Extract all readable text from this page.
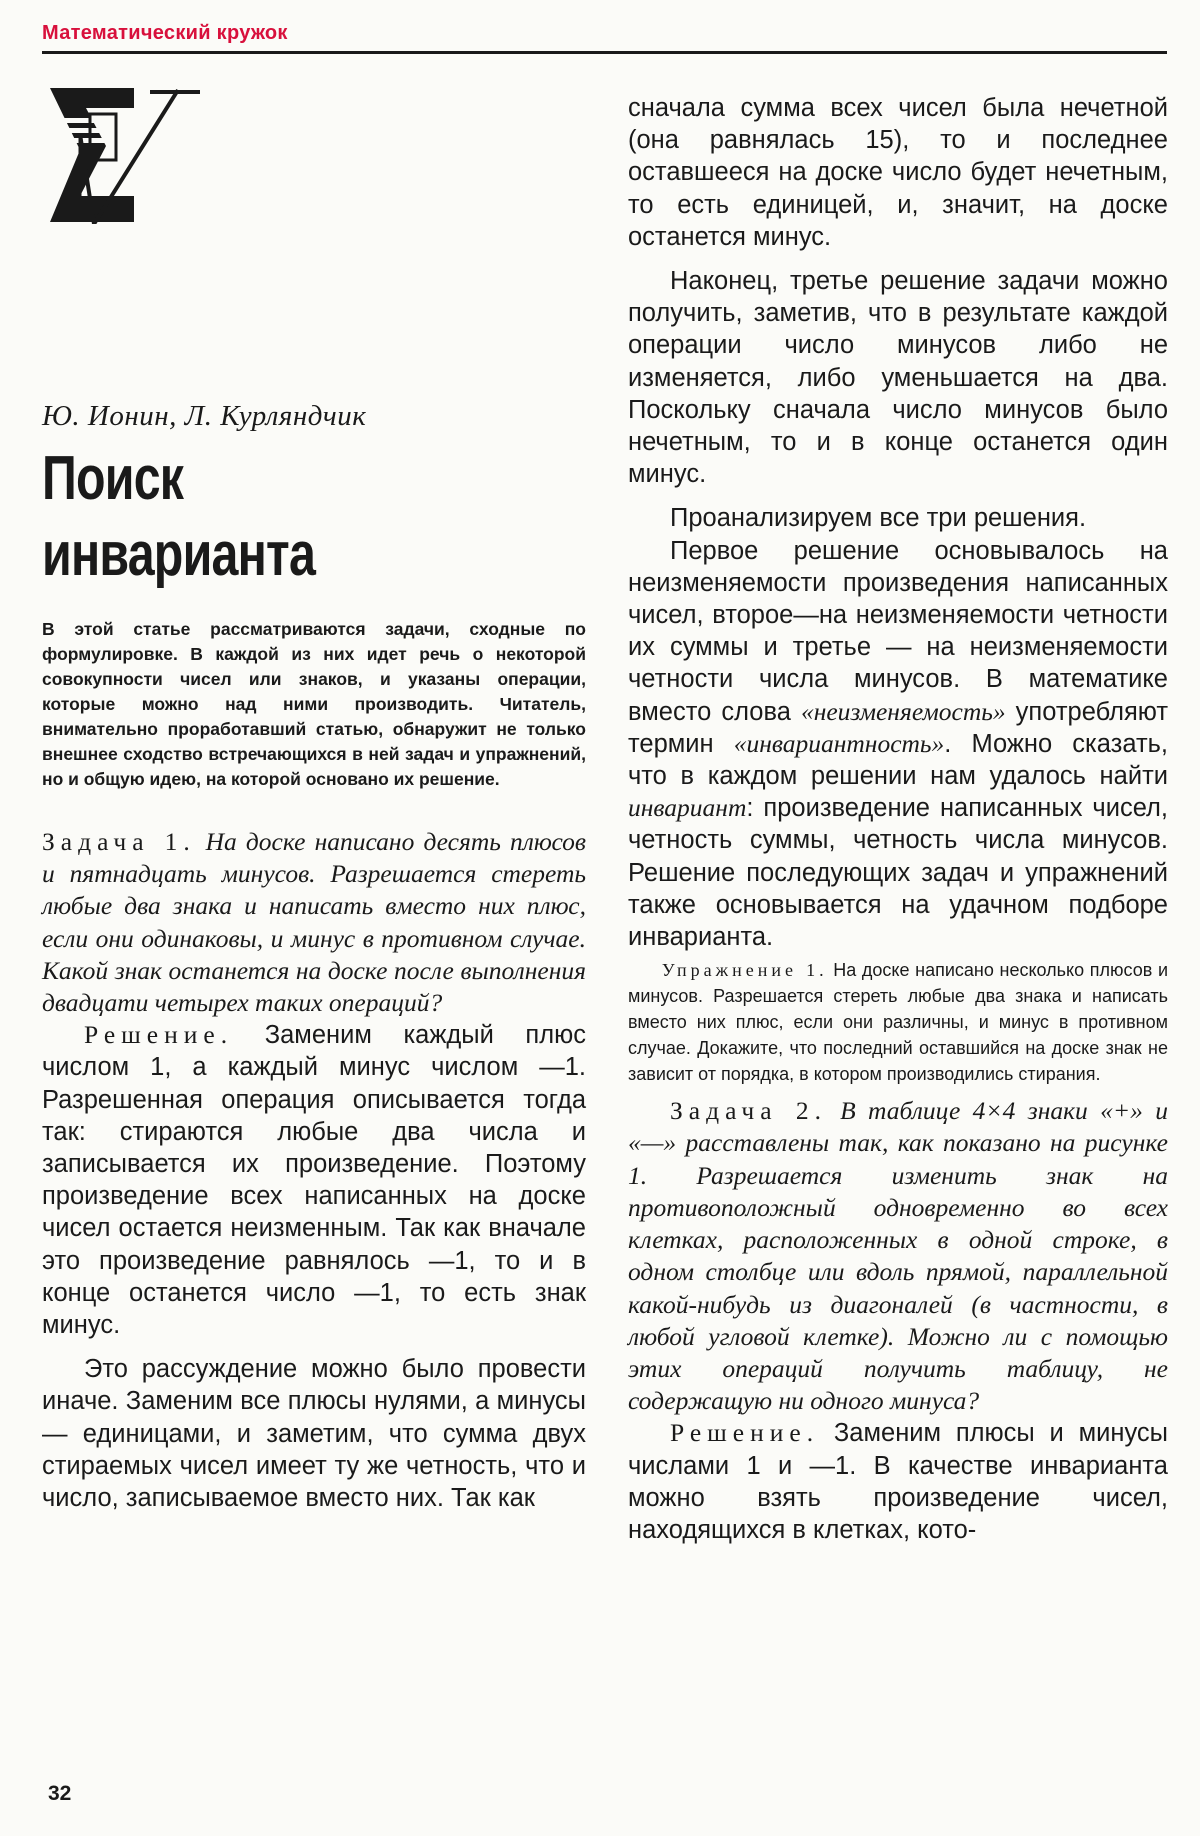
Математический кружок

Ю. Ионин, Л. Курляндчик

Поиск
инварианта

В этой статье рассматриваются задачи, сходные по формулировке. В каждой из них идет речь о некоторой совокупности чисел или знаков, и указаны операции, которые можно над ними производить. Читатель, внимательно проработавший статью, обнаружит не только внешнее сходство встречающихся в ней задач и упражнений, но и общую идею, на которой основано их решение.

Задача 1. На доске написано десять плюсов и пятнадцать минусов. Разрешается стереть любые два знака и написать вместо них плюс, если они одинаковы, и минус в противном случае. Какой знак останется на доске после выполнения двадцати четырех таких операций?

Решение. Заменим каждый плюс числом 1, а каждый минус числом —1. Разрешенная операция описывается тогда так: стираются любые два числа и записывается их произведение. Поэтому произведение всех написанных на доске чисел остается неизменным. Так как вначале это произведение равнялось —1, то и в конце останется число —1, то есть знак минус.

Это рассуждение можно было провести иначе. Заменим все плюсы нулями, а минусы — единицами, и заметим, что сумма двух стираемых чисел имеет ту же четность, что и число, записываемое вместо них. Так как

сначала сумма всех чисел была нечетной (она равнялась 15), то и последнее оставшееся на доске число будет нечетным, то есть единицей, и, значит, на доске останется минус.

Наконец, третье решение задачи можно получить, заметив, что в результате каждой операции число минусов либо не изменяется, либо уменьшается на два. Поскольку сначала число минусов было нечетным, то и в конце останется один минус.

Проанализируем все три решения.

Первое решение основывалось на неизменяемости произведения написанных чисел, второе—на неизменяемости четности их суммы и третье — на неизменяемости четности числа минусов. В математике вместо слова «неизменяемость» употребляют термин «инвариантность». Можно сказать, что в каждом решении нам удалось найти инвариант: произведение написанных чисел, четность суммы, четность числа минусов. Решение последующих задач и упражнений также основывается на удачном подборе инварианта.

Упражнение 1. На доске написано несколько плюсов и минусов. Разрешается стереть любые два знака и написать вместо них плюс, если они различны, и минус в противном случае. Докажите, что последний оставшийся на доске знак не зависит от порядка, в котором производились стирания.

Задача 2. В таблице 4×4 знаки «+» и «—» расставлены так, как показано на рисунке 1. Разрешается изменить знак на противоположный одновременно во всех клетках, расположенных в одной строке, в одном столбце или вдоль прямой, параллельной какой-нибудь из диагоналей (в частности, в любой угловой клетке). Можно ли с помощью этих операций получить таблицу, не содержащую ни одного минуса?

Решение. Заменим плюсы и минусы числами 1 и —1. В качестве инварианта можно взять произведение чисел, находящихся в клетках, кото-

32
